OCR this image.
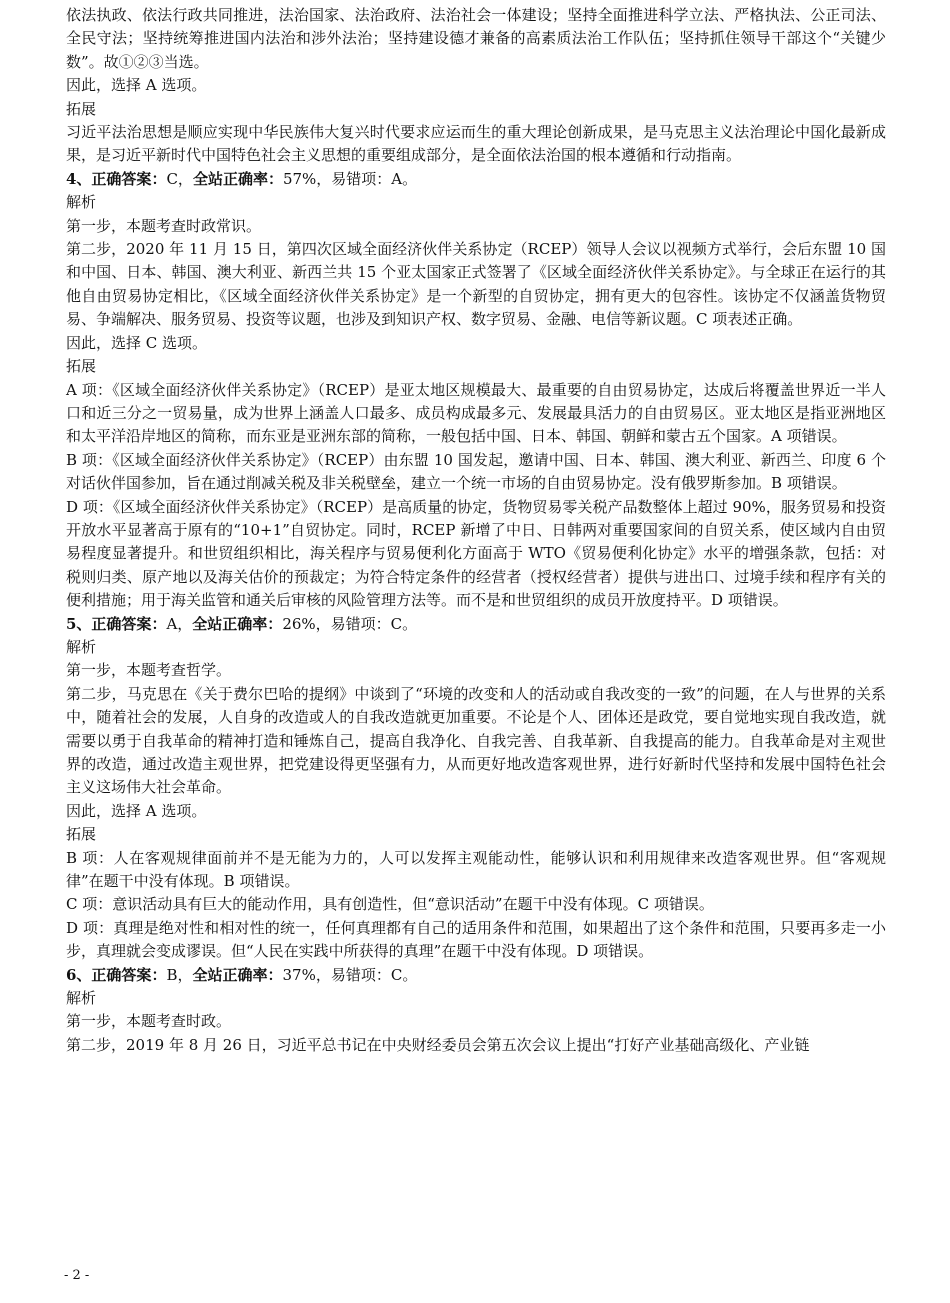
依法执政、依法行政共同推进，法治国家、法治政府、法治社会一体建设；坚持全面推进科学立法、严格执法、公正司法、全民守法；坚持统筹推进国内法治和涉外法治；坚持建设德才兼备的高素质法治工作队伍；坚持抓住领导干部这个“关键少数”。故①②③当选。

因此，选择 A 选项。

拓展

习近平法治思想是顺应实现中华民族伟大复兴时代要求应运而生的重大理论创新成果，是马克思主义法治理论中国化最新成果，是习近平新时代中国特色社会主义思想的重要组成部分，是全面依法治国的根本遵循和行动指南。

4、正确答案：C，全站正确率：57%，易错项：A。

解析

第一步，本题考查时政常识。

第二步，2020 年 11 月 15 日，第四次区域全面经济伙伴关系协定（RCEP）领导人会议以视频方式举行，会后东盟 10 国和中国、日本、韩国、澳大利亚、新西兰共 15 个亚太国家正式签署了《区域全面经济伙伴关系协定》。与全球正在运行的其他自由贸易协定相比，《区域全面经济伙伴关系协定》是一个新型的自贸协定，拥有更大的包容性。该协定不仅涵盖货物贸易、争端解决、服务贸易、投资等议题，也涉及到知识产权、数字贸易、金融、电信等新议题。C 项表述正确。

因此，选择 C 选项。

拓展

A 项：《区域全面经济伙伴关系协定》（RCEP）是亚太地区规模最大、最重要的自由贸易协定，达成后将覆盖世界近一半人口和近三分之一贸易量，成为世界上涵盖人口最多、成员构成最多元、发展最具活力的自由贸易区。亚太地区是指亚洲地区和太平洋沿岸地区的简称，而东亚是亚洲东部的简称，一般包括中国、日本、韩国、朝鲜和蒙古五个国家。A 项错误。

B 项：《区域全面经济伙伴关系协定》（RCEP）由东盟 10 国发起，邀请中国、日本、韩国、澳大利亚、新西兰、印度 6 个对话伙伴国参加，旨在通过削减关税及非关税壁垒，建立一个统一市场的自由贸易协定。没有俄罗斯参加。B 项错误。

D 项：《区域全面经济伙伴关系协定》（RCEP）是高质量的协定，货物贸易零关税产品数整体上超过 90%，服务贸易和投资开放水平显著高于原有的“10+1”自贸协定。同时，RCEP 新增了中日、日韩两对重要国家间的自贸关系，使区域内自由贸易程度显著提升。和世贸组织相比，海关程序与贸易便利化方面高于 WTO《贸易便利化协定》水平的增强条款，包括：对税则归类、原产地以及海关估价的预裁定；为符合特定条件的经营者（授权经营者）提供与进出口、过境手续和程序有关的便利措施；用于海关监管和通关后审核的风险管理方法等。而不是和世贸组织的成员开放度持平。D 项错误。

5、正确答案：A，全站正确率：26%，易错项：C。

解析

第一步，本题考查哲学。

第二步，马克思在《关于费尔巴哈的提纲》中谈到了“环境的改变和人的活动或自我改变的一致”的问题，在人与世界的关系中，随着社会的发展，人自身的改造或人的自我改造就更加重要。不论是个人、团体还是政党，要自觉地实现自我改造，就需要以勇于自我革命的精神打造和锤炼自己，提高自我净化、自我完善、自我革新、自我提高的能力。自我革命是对主观世界的改造，通过改造主观世界，把党建设得更坚强有力，从而更好地改造客观世界，进行好新时代坚持和发展中国特色社会主义这场伟大社会革命。

因此，选择 A 选项。

拓展

B 项：人在客观规律面前并不是无能为力的，人可以发挥主观能动性，能够认识和利用规律来改造客观世界。但“客观规律”在题干中没有体现。B 项错误。

C 项：意识活动具有巨大的能动作用，具有创造性，但“意识活动”在题干中没有体现。C 项错误。

D 项：真理是绝对性和相对性的统一，任何真理都有自己的适用条件和范围，如果超出了这个条件和范围，只要再多走一小步，真理就会变成谬误。但“人民在实践中所获得的真理”在题干中没有体现。D 项错误。

6、正确答案：B，全站正确率：37%，易错项：C。

解析

第一步，本题考查时政。

第二步，2019 年 8 月 26 日，习近平总书记在中央财经委员会第五次会议上提出“打好产业基础高级化、产业链

- 2 -
